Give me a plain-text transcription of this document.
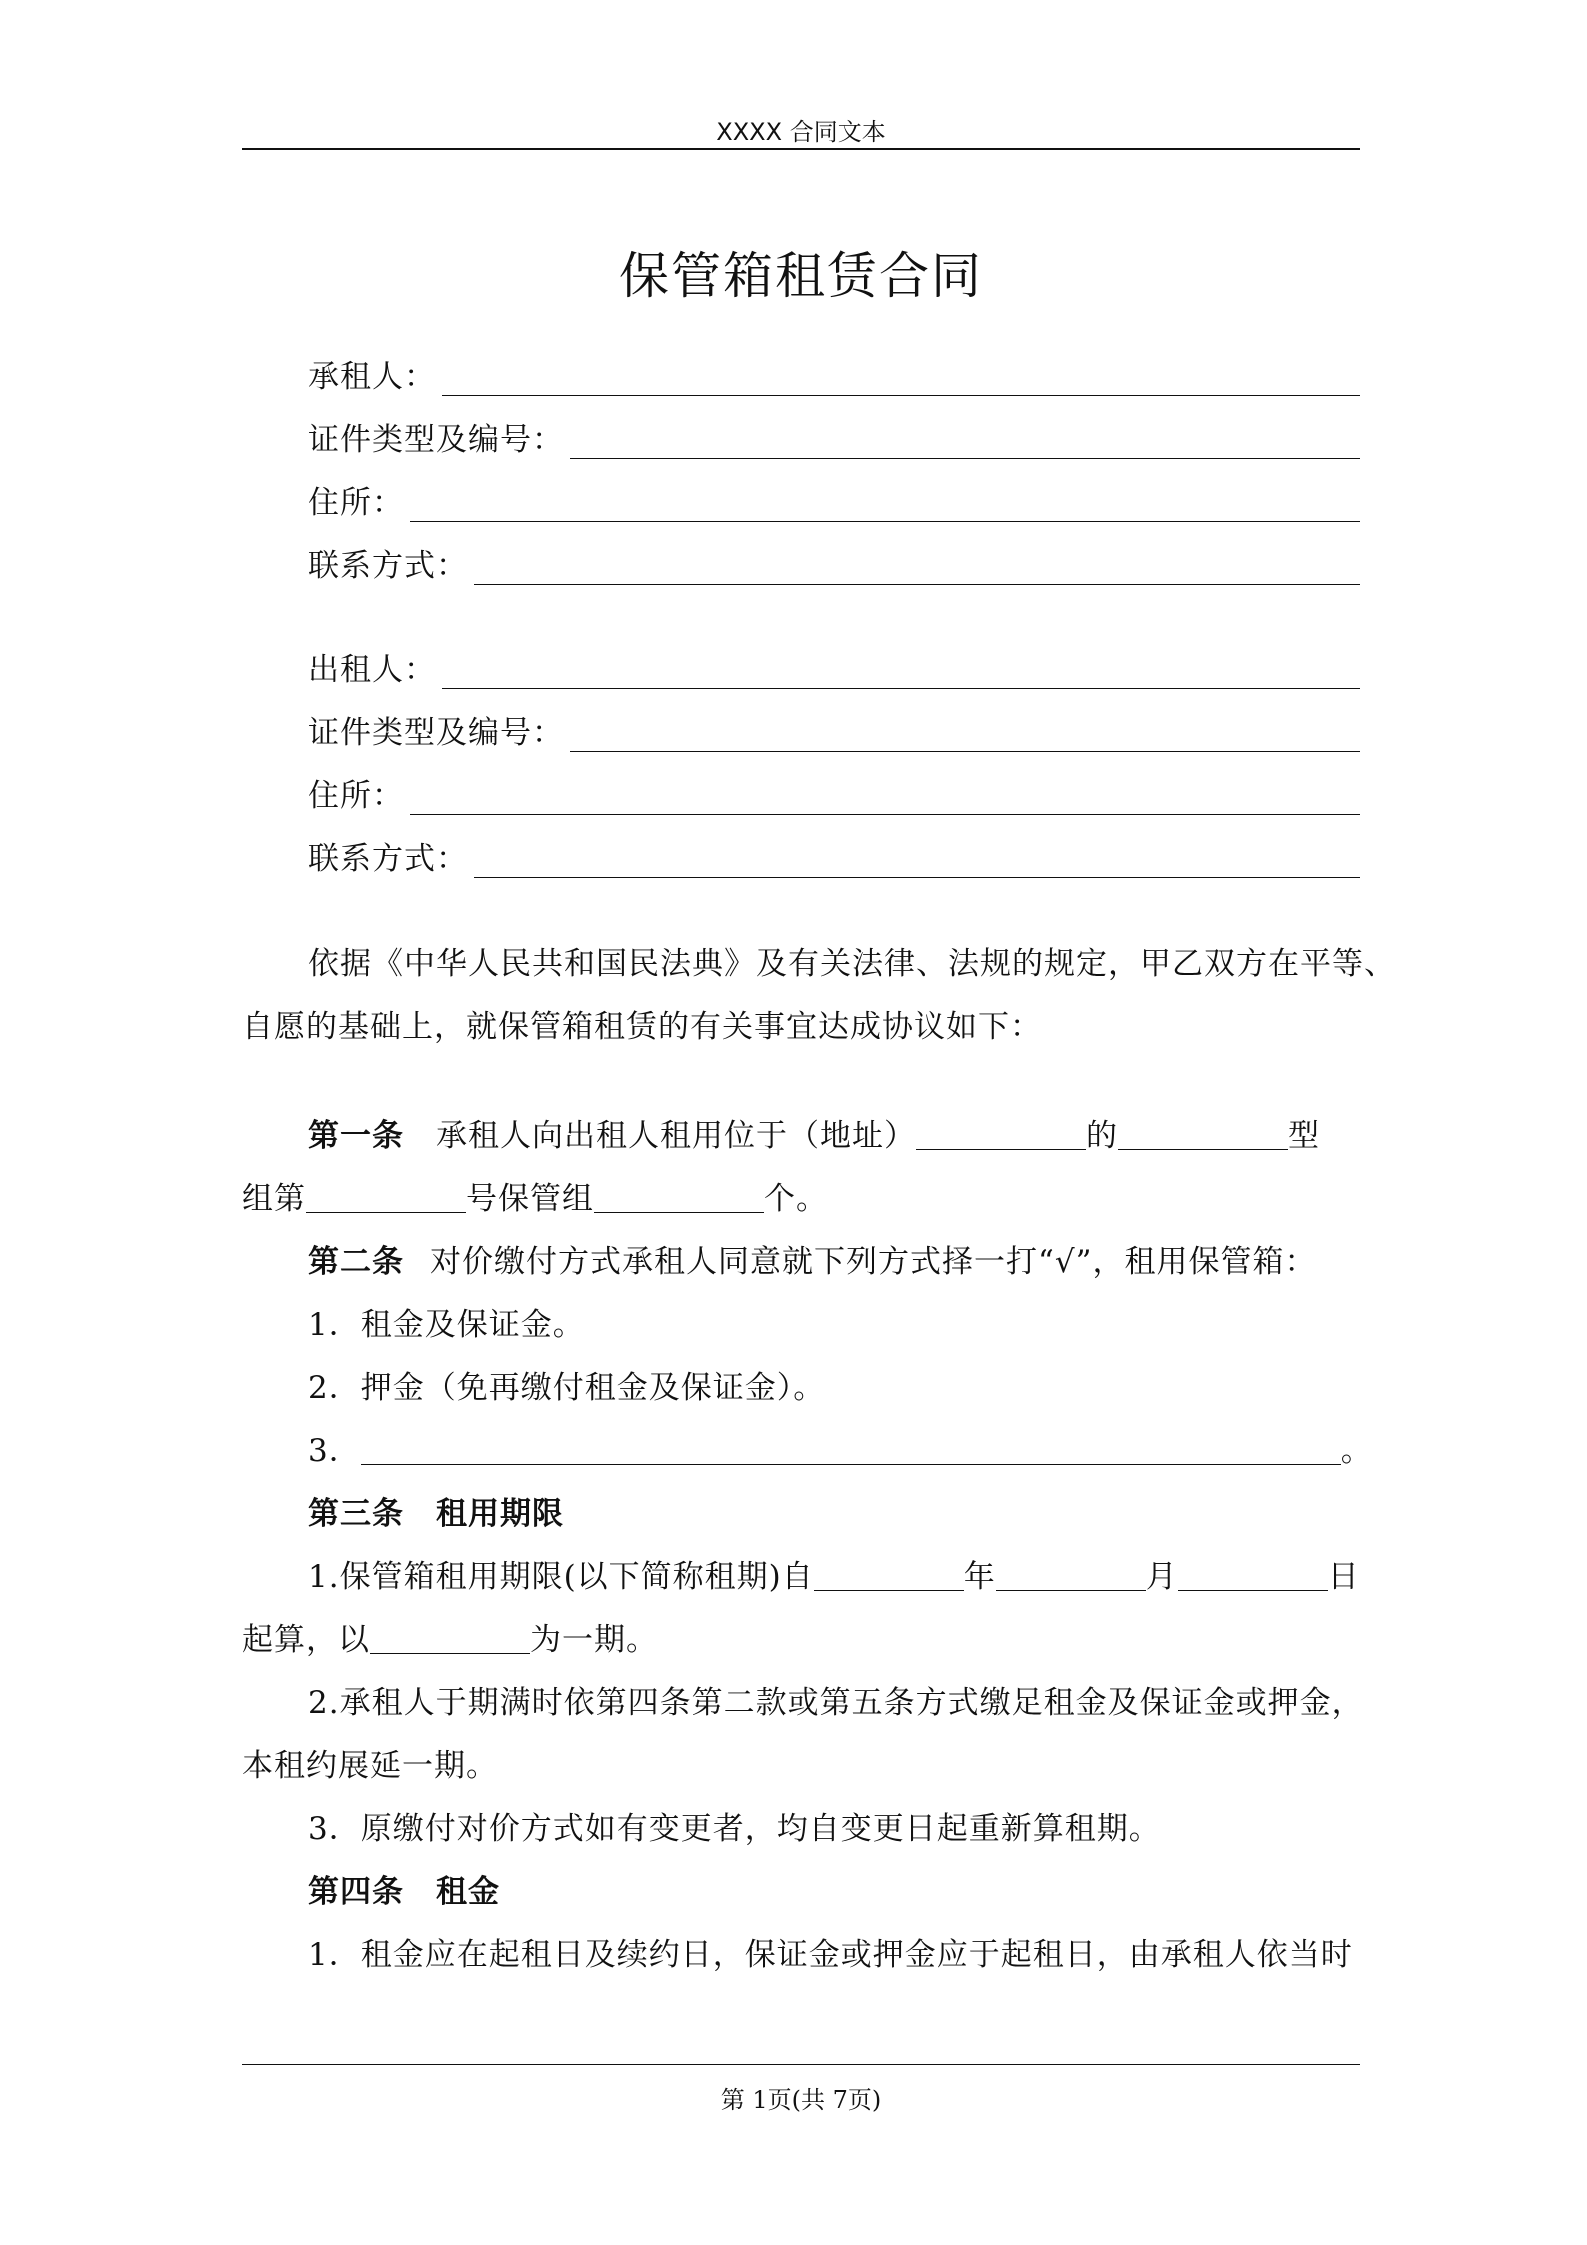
XXXX 合同文本
保管箱租赁合同
承租人：
证件类型及编号：
住所：
联系方式：
出租人：
证件类型及编号：
住所：
联系方式：
依据《中华人民共和国民法典》及有关法律、法规的规定，甲乙双方在平等、
自愿的基础上，就保管箱租赁的有关事宜达成协议如下：
第一条 承租人向出租人租用位于（地址）	的	型
组第	号保管组	个。
第二条 对价缴付方式承租人同意就下列方式择一打“√”，租用保管箱：
1．租金及保证金。
2．押金（免再缴付租金及保证金）。
3．	。
第三条 租用期限
1.保管箱租用期限(以下简称租期)自	年	月	日
起算，以	为一期。
2.承租人于期满时依第四条第二款或第五条方式缴足租金及保证金或押金，
本租约展延一期。
3．原缴付对价方式如有变更者，均自变更日起重新算租期。
第四条 租金
1．租金应在起租日及续约日，保证金或押金应于起租日，由承租人依当时
第 1页(共 7页)
